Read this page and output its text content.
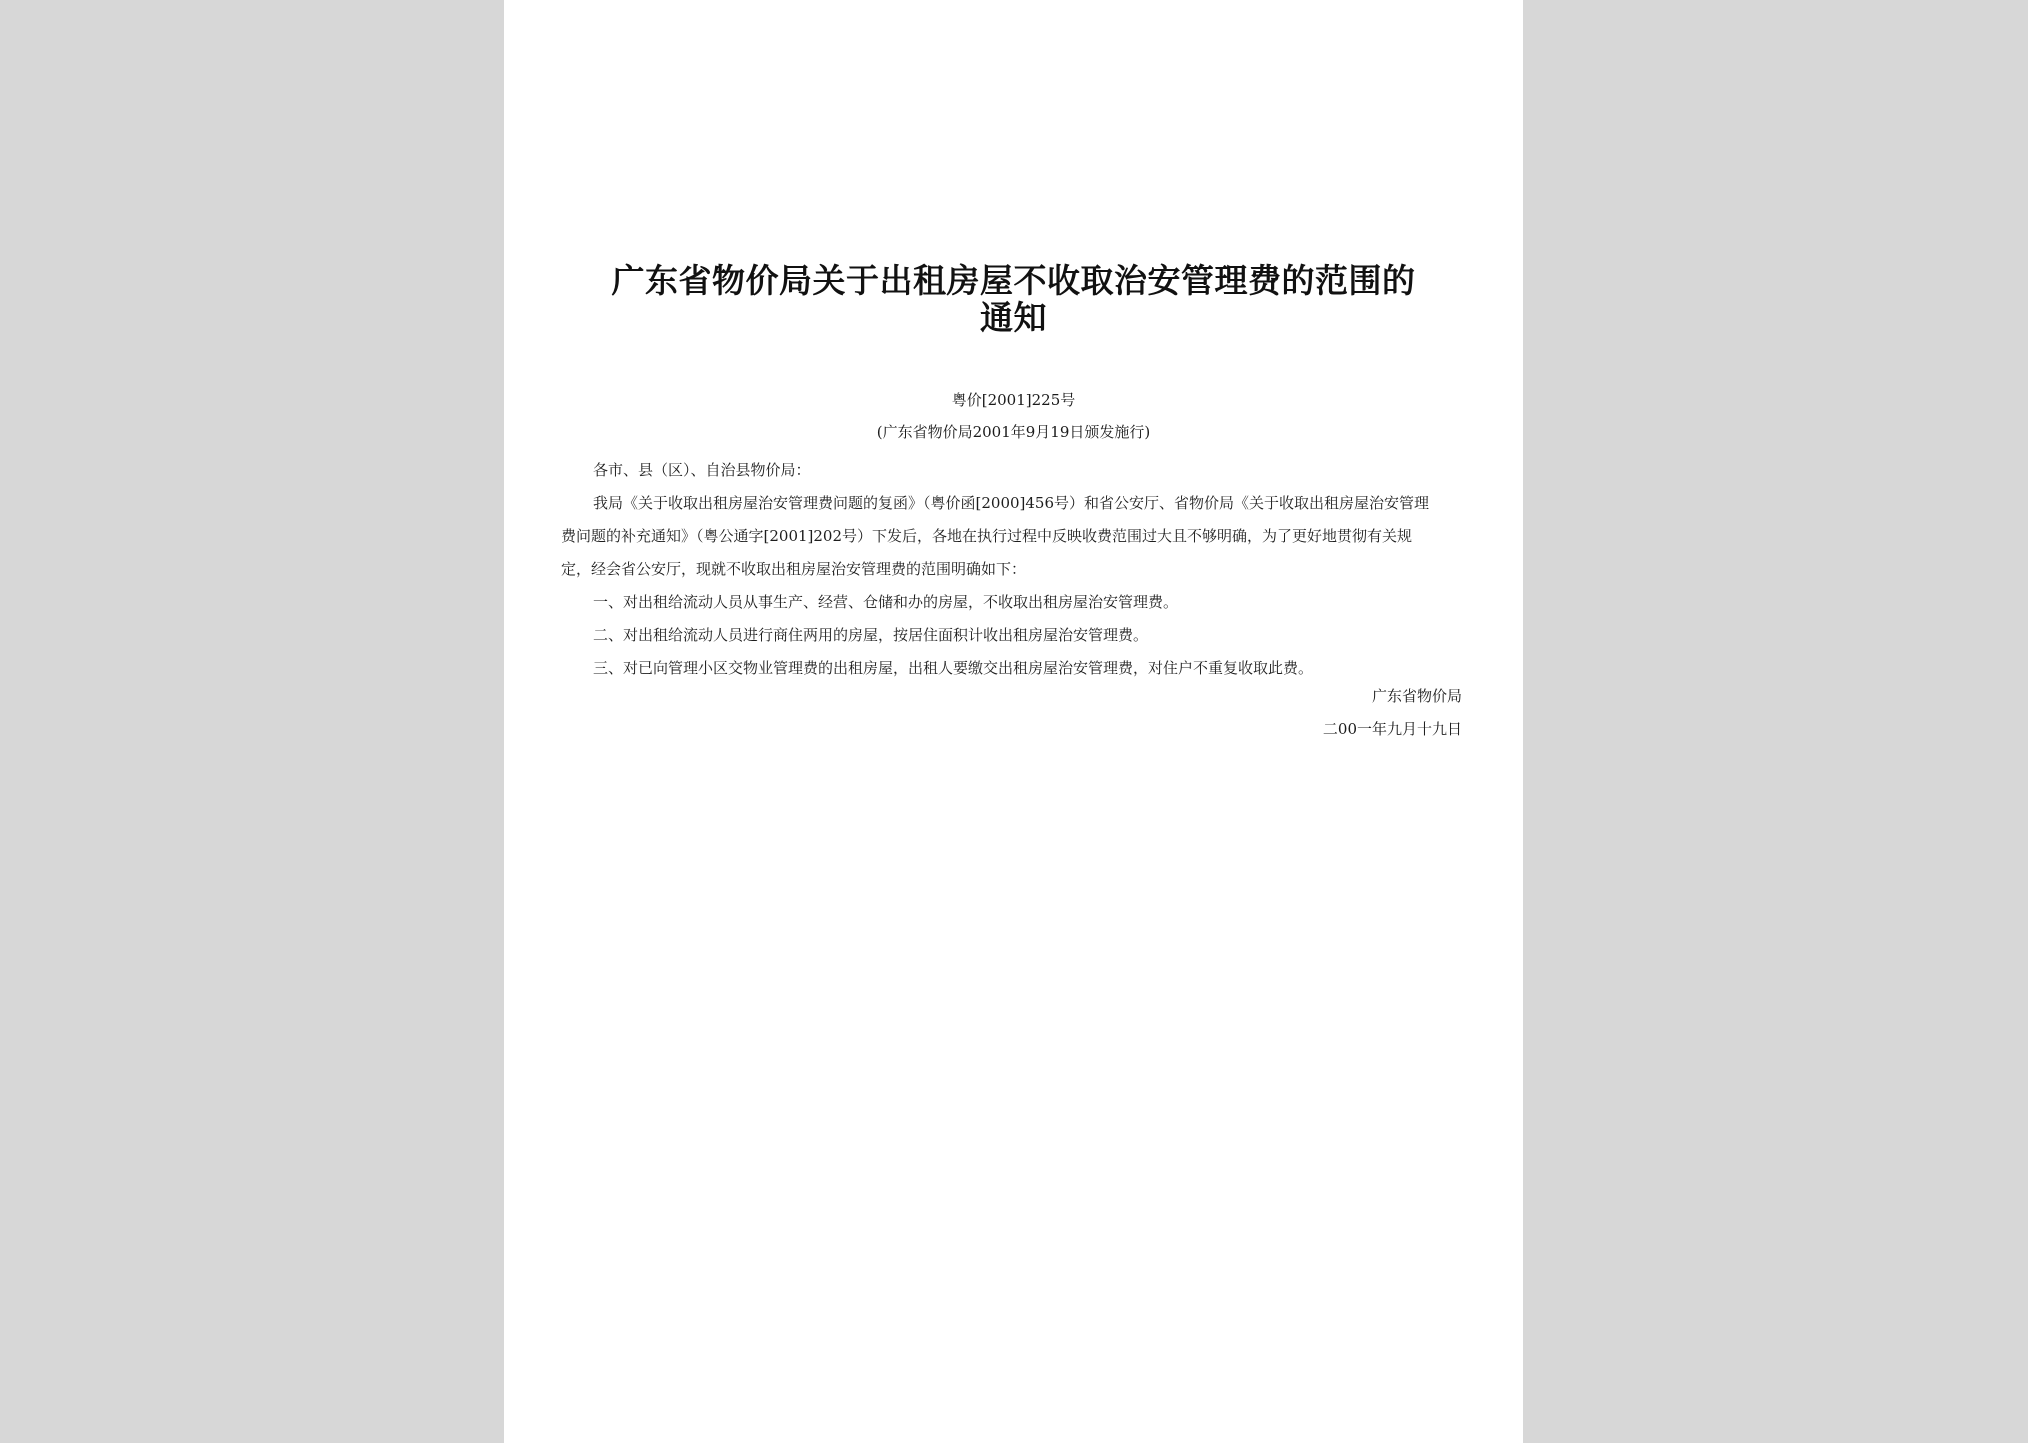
广东省物价局关于出租房屋不收取治安管理费的范围的通知
粤价[2001]225号
(广东省物价局2001年9月19日颁发施行)

各市、县（区）、自治县物价局：

我局《关于收取出租房屋治安管理费问题的复函》（粤价函[2000]456号）和省公安厅、省物价局《关于收取出租房屋治安管理费问题的补充通知》（粤公通字[2001]202号）下发后，各地在执行过程中反映收费范围过大且不够明确，为了更好地贯彻有关规定，经会省公安厅，现就不收取出租房屋治安管理费的范围明确如下：

一、对出租给流动人员从事生产、经营、仓储和办的房屋，不收取出租房屋治安管理费。

二、对出租给流动人员进行商住两用的房屋，按居住面积计收出租房屋治安管理费。

三、对已向管理小区交物业管理费的出租房屋，出租人要缴交出租房屋治安管理费，对住户不重复收取此费。

广东省物价局
二00一年九月十九日
